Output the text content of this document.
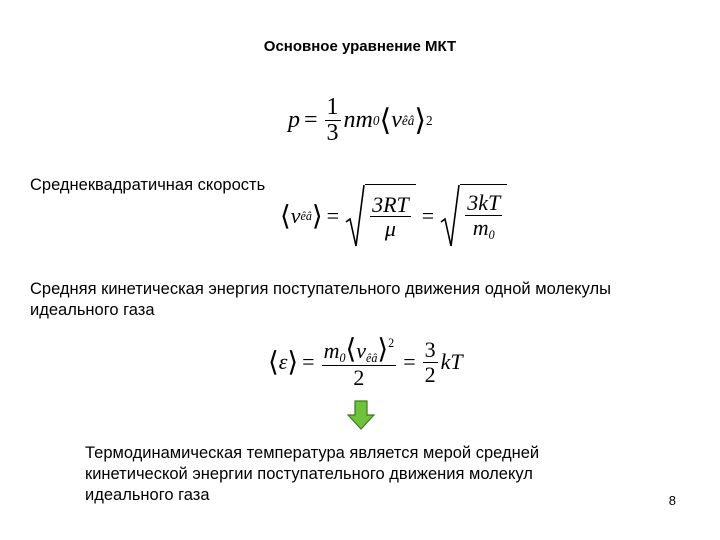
Основное уравнение МКТ
$p = \frac{1}{3}$ n m 0 ⟨ v êâ ⟩ 2
Среднеквадратичная скорость
⟨ v êâ ⟩ = $\frac{3RT}{\mu} = \frac{3kT}{m_0}$
Средняя кинетическая энергия поступательного движения одной молекулы идеального газа
⟨ ε ⟩ = $\frac{m_0⟨v_{êâ}⟩^2}{2} = \frac{3}{2}$ kT
Термодинамическая температура является мерой средней кинетической энергии поступательного движения молекул идеального газа	8
